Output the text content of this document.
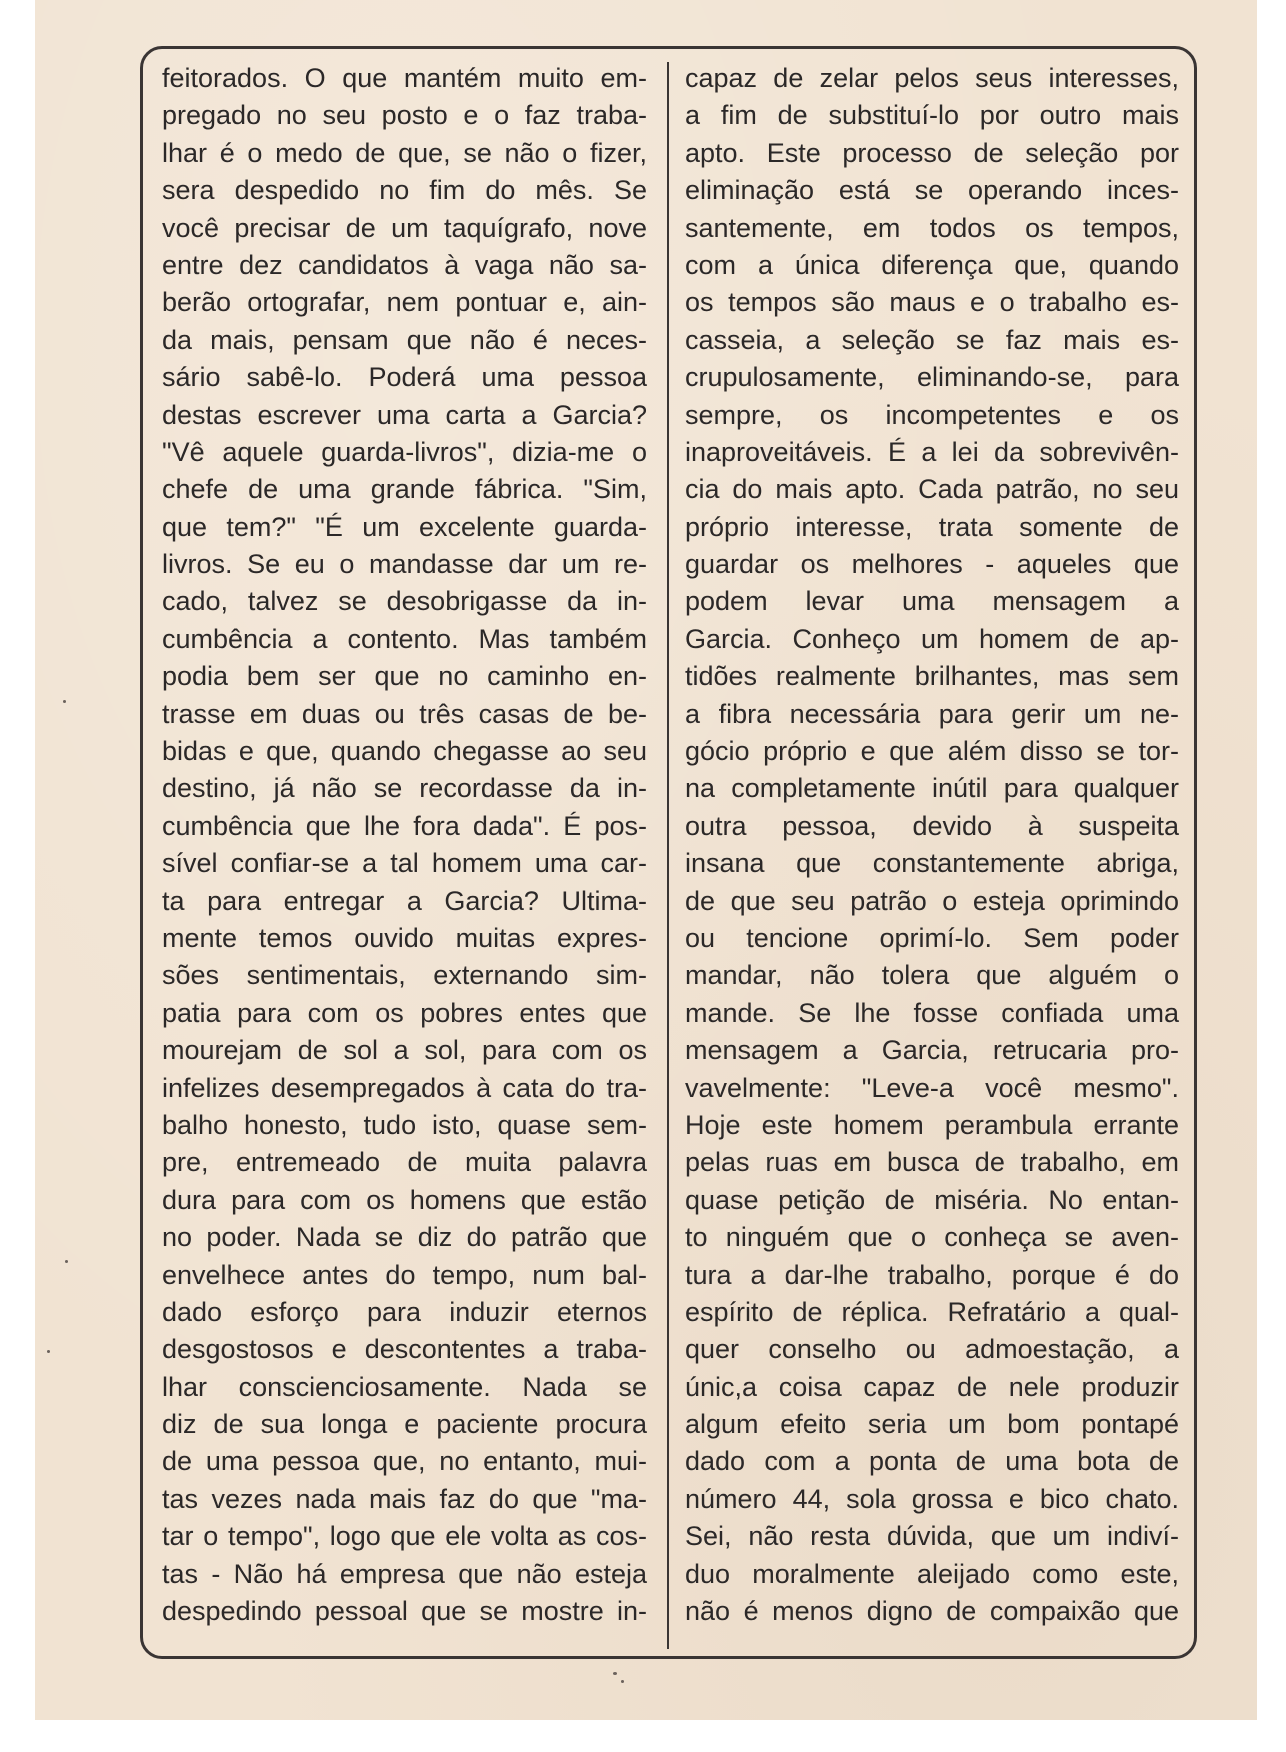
feitorados. O que mantém muito em-
pregado no seu posto e o faz traba-
lhar é o medo de que, se não o fizer,
sera despedido no fim do mês. Se
você precisar de um taquígrafo, nove
entre dez candidatos à vaga não sa-
berão ortografar, nem pontuar e, ain-
da mais, pensam que não é neces-
sário sabê-lo. Poderá uma pessoa
destas escrever uma carta a Garcia?
"Vê aquele guarda-livros", dizia-me o
chefe de uma grande fábrica. "Sim,
que tem?" "É um excelente guarda-
livros. Se eu o mandasse dar um re-
cado, talvez se desobrigasse da in-
cumbência a contento. Mas também
podia bem ser que no caminho en-
trasse em duas ou três casas de be-
bidas e que, quando chegasse ao seu
destino, já não se recordasse da in-
cumbência que lhe fora dada". É pos-
sível confiar-se a tal homem uma car-
ta para entregar a Garcia? Ultima-
mente temos ouvido muitas expres-
sões sentimentais, externando sim-
patia para com os pobres entes que
mourejam de sol a sol, para com os
infelizes desempregados à cata do tra-
balho honesto, tudo isto, quase sem-
pre, entremeado de muita palavra
dura para com os homens que estão
no poder. Nada se diz do patrão que
envelhece antes do tempo, num bal-
dado esforço para induzir eternos
desgostosos e descontentes a traba-
lhar conscienciosamente. Nada se
diz de sua longa e paciente procura
de uma pessoa que, no entanto, mui-
tas vezes nada mais faz do que "ma-
tar o tempo", logo que ele volta as cos-
tas - Não há empresa que não esteja
despedindo pessoal que se mostre in-
capaz de zelar pelos seus interesses,
a fim de substituí-lo por outro mais
apto. Este processo de seleção por
eliminação está se operando inces-
santemente, em todos os tempos,
com a única diferença que, quando
os tempos são maus e o trabalho es-
casseia, a seleção se faz mais es-
crupulosamente, eliminando-se, para
sempre, os incompetentes e os
inaproveitáveis. É a lei da sobrevivên-
cia do mais apto. Cada patrão, no seu
próprio interesse, trata somente de
guardar os melhores - aqueles que
podem levar uma mensagem a
Garcia. Conheço um homem de ap-
tidões realmente brilhantes, mas sem
a fibra necessária para gerir um ne-
gócio próprio e que além disso se tor-
na completamente inútil para qualquer
outra pessoa, devido à suspeita
insana que constantemente abriga,
de que seu patrão o esteja oprimindo
ou tencione oprimí-lo. Sem poder
mandar, não tolera que alguém o
mande. Se lhe fosse confiada uma
mensagem a Garcia, retrucaria pro-
vavelmente: "Leve-a você mesmo".
Hoje este homem perambula errante
pelas ruas em busca de trabalho, em
quase petição de miséria. No entan-
to ninguém que o conheça se aven-
tura a dar-lhe trabalho, porque é do
espírito de réplica. Refratário a qual-
quer conselho ou admoestação, a
únic,a coisa capaz de nele produzir
algum efeito seria um bom pontapé
dado com a ponta de uma bota de
número 44, sola grossa e bico chato.
Sei, não resta dúvida, que um indiví-
duo moralmente aleijado como este,
não é menos digno de compaixão que
